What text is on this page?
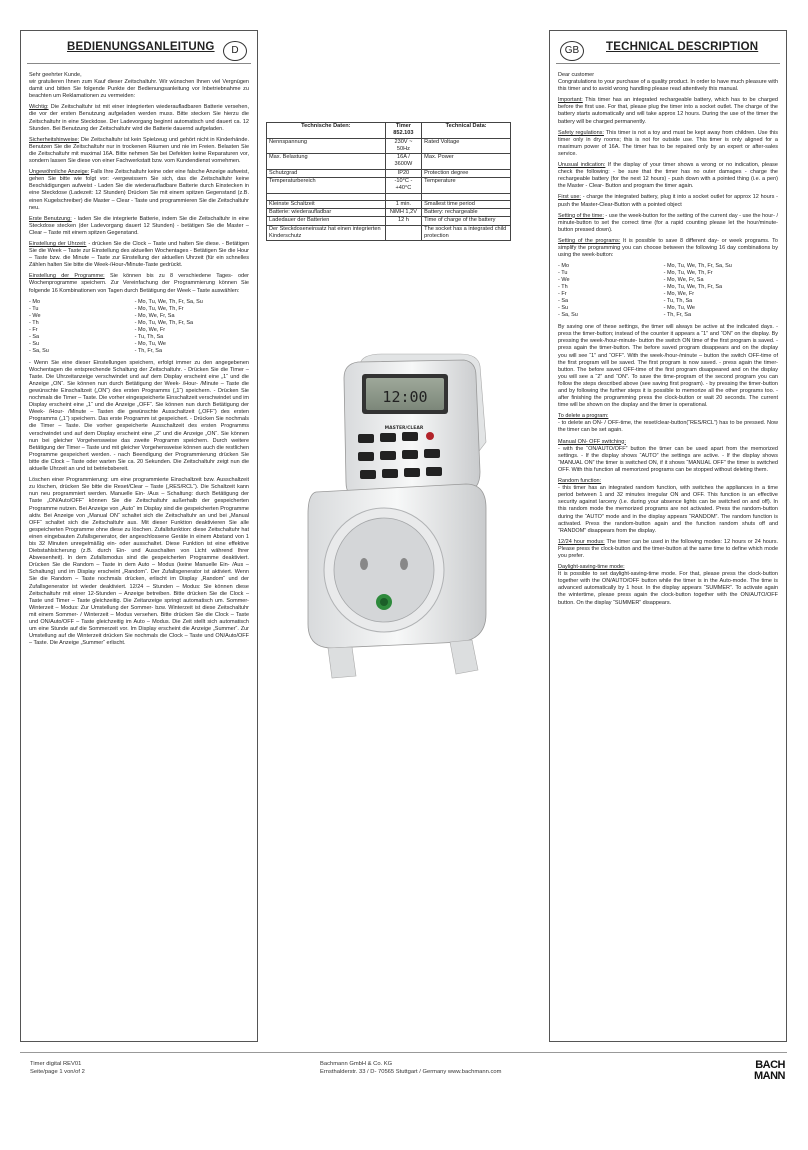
BEDIENUNGSANLEITUNG	D

Sehr geehrter Kunde,
wir gratulieren Ihnen zum Kauf dieser Zeitschaltuhr. Wir wünschen Ihnen viel Vergnügen damit und bitten Sie folgende Punkte der Bedienungsanleitung vor Inbetriebnahme zu beachten um Reklamationen zu vermeiden:

Wichtig: Die Zeitschaltuhr ist mit einer integrierten wiederaufladbaren Batterie versehen, die vor der ersten Benutzung aufgeladen werden muss. Bitte stecken Sie hierzu die Zeitschaltuhr in eine Steckdose. Der Ladevorgang beginnt automatisch und dauert ca. 12 Stunden. Bei Benutzung der Zeitschaltuhr wird die Batterie dauernd aufgeladen.

Sicherheitshinweise: Die Zeitschaltuhr ist kein Spielzeug und gehört nicht in Kinderhände. Benutzen Sie die Zeitschaltuhr nur in trockenen Räumen und nie im Freien. Belasten Sie die Zeitschaltuhr mit maximal 16A. Bitte nehmen Sie bei Defekten keine Reparaturen vor, sondern lassen Sie diese von einer Fachwerkstatt bzw. vom Kundendienst vornehmen.

Ungewöhnliche Anzeige: Falls Ihre Zeitschaltuhr keine oder eine falsche Anzeige aufweist, gehen Sie bitte wie folgt vor: -vergewissern Sie sich, das die Zeitschaltuhr keine Beschädigungen aufweist - Laden Sie die wiederaufladbare Batterie durch Einstecken in eine Steckdose (Ladezeit: 12 Stunden) Drücken Sie mit einem spitzen Gegenstand (z.B. einen Kugelschreiber) die Master – Clear - Taste und programmieren Sie die Zeitschaltuhr neu.

Erste Benutzung: - laden Sie die integrierte Batterie, indem Sie die Zeitschaltuhr in eine Steckdose stecken (der Ladevorgang dauert 12 Stunden) - betätigen Sie die Master – Clear – Taste mit einem spitzen Gegenstand.

Einstellung der Uhrzeit: - drücken Sie die Clock – Taste und halten Sie diese. - Betätigen Sie die Week – Taste zur Einstellung des aktuellen Wochentages - Betätigen Sie die Hour – Taste bzw. die Minute – Taste zur Einstellung der aktuellen Uhrzeit (für ein schnelles Zählen halten Sie bitte die Week-/Hour-/Minute-Taste gedrückt.

Einstellung der Programme: Sie können bis zu 8 verschiedene Tages- oder Wochenprogramme speichern. Zur Vereinfachung der Programmierung können Sie folgende 16 Kombinationen von Tagen durch Betätigung der Week – Taste auswählen:

- Mo	- Mo, Tu, We, Th, Fr, Sa, Su
- Tu	- Mo, Tu, We, Th, Fr
- We	- Mo, We, Fr, Sa
- Th	- Mo, Tu, We, Th, Fr, Sa
- Fr	- Mo, We, Fr
- Sa	- Tu, Th, Sa
- Su	- Mo, Tu, We
- Sa, Su	- Th, Fr, Sa

- Wenn Sie eine dieser Einstellungen speichern, erfolgt immer zu den angegebenen Wochentagen die entsprechende Schaltung der Zeitschaltuhr. - Drücken Sie die Timer – Taste. Die Uhrzeitanzeige verschwindet und auf dem Display erscheint eine „1“ und die Anzeige „ON“. Sie können nun durch Betätigung der Week- /Hour- /Minute – Taste die gewünschte Einschaltzeit („ON“) des ersten Programms („1“) speichern. - Drücken Sie nochmals die Timer – Taste. Die vorher eingespeicherte Einschaltzeit verschwindet und im Display erscheint eine „1“ und die Anzeige „OFF“. Sie können nun durch Betätigung der Week- /Hour- /Minute – Tasten die gewünschte Ausschaltzeit („OFF“) des ersten Programms („1“) speichern. Das erste Programm ist gespeichert. - Drücken Sie nochmals die Timer – Taste. Die vorher gespeicherte Ausschaltzeit des ersten Programms verschwindet und auf dem Display erscheint eine „2“ und die Anzeige „ON“. Sie können nun bei gleicher Vorgehensweise das zweite Programm speichern. Durch weitere Betätigung der Timer – Taste und mit gleicher Vorgehensweise können auch die restlichen Programme gespeichert werden. - nach Beendigung der Programmierung drücken Sie bitte die Clock – Taste oder warten Sie ca. 20 Sekunden. Die Zeitschaltuhr zeigt nun die aktuelle Uhrzeit an und ist betriebsbereit.

Löschen einer Programmierung: um eine programmierte Einschaltzeit bzw. Ausschaltzeit zu löschen, drücken Sie bitte die Reset/Clear – Taste („RES/RCL“). Die Schaltzeit kann nun neu programmiert werden. Manuelle Ein- /Aus – Schaltung: durch Betätigung der Taste „ON/Auto/OFF“ können Sie die Zeitschaltuhr außerhalb der gespeicherten Programme nutzen. Bei Anzeige von „Auto“ im Display sind die gespeicherten Programme aktiv. Bei Anzeige von „Manual ON“ schaltet sich die Zeitschaltuhr an und bei „Manual OFF“ schaltet sich die Zeitschaltuhr aus. Mit dieser Funktion deaktivieren Sie alle gespeicherten Programme ohne diese zu löschen. Zufallsfunktion: diese Zeitschaltuhr hat einen eingebauten Zufallsgenerator, der angeschlossene Geräte in einem Abstand von 1 bis 32 Minuten unregelmäßig ein- oder ausschaltet. Diese Funktion ist eine effektive Diebstahlsicherung (z.B. durch Ein- und Ausschalten von Licht während Ihrer Abwesenheit). In dem Zufallsmodus sind die gespeicherten Programme deaktiviert. Drücken Sie die Random – Taste in dem Auto – Modus (keine Manuelle Ein- /Aus – Schaltung) und im Display erscheint „Random“. Der Zufallsgenerator ist aktiviert. Wenn Sie die Random – Taste nochmals drücken, erlischt im Display „Random“ und der Zufallsgenerator ist wieder deaktiviert. 12/24 – Stunden – Modus: Sie können diese Zeitschaltuhr mit einer 12-Stunden – Anzeige betreiben. Bitte drücken Sie die Clock – Taste und Timer – Taste gleichzeitig. Die Zeitanzeige springt automatisch um. Sommer-Winterzeit – Modus: Zur Umstellung der Sommer- bzw. Winterzeit ist diese Zeitschaltuhr mit einem Sommer- / Winterzeit – Modus versehen. Bitte drücken Sie die Clock – Taste und ON/Auto/OFF – Taste gleichzeitig im Auto – Modus. Die Zeit stellt sich automatisch um eine Stunde auf die Sommerzeit vor. Im Display erscheint die Anzeige „Summer“. Zur Umstellung auf die Winterzeit drücken Sie nochmals die Clock – Taste und ON/Auto/OFF – Taste. Die Anzeige „Summer“ erlischt.

Technische Daten:	Timer 852.103	Technical Data:
Nennspannung	230V ~ 50Hz	Rated Voltage
Max. Belastung	16A / 3600W	Max. Power
Schutzgrad	IP20	Protection degree
Temperaturbereich	-10°C - +40°C	Temperature

Kleinste Schaltzeit	1 min.	Smallest time period
Batterie: wiederaufladbar	NiMH 1,2V	Battery: rechargeable
Ladedauer der Batterien	12 h	Time of charge of the battery
Der Steckdoseneinsatz hat einen integrierten Kinderschutz		The socket has a integrated child protection
12:00
MASTER/CLEAR
GB	TECHNICAL DESCRIPTION

Dear customer
Congratulations to your purchase of a quality product. In order to have much pleasure with this timer and to avoid wrong handling please read attentively this manual.

Important: This timer has an integrated rechargeable battery, which has to be charged before the first use. For that, please plug the timer into a socket outlet. The charge of the battery starts automatically and will take approx 12 hours. During the use of the timer the battery will be charged permanently.

Safety regulations: This timer is not a toy and must be kept away from children. Use this timer only in dry rooms; this is not for outside use. This timer is only aligned for a maximum power of 16A. The timer has to be repaired only by an expert or after-sales service.

Unusual indication: If the display of your timer shows a wrong or no indication, please check the following: - be sure that the timer has no outer damages - charge the rechargeable battery (for the next 12 hours) - push down with a pointed thing (i.e. a pen) the Master - Clear- Button and program the timer again.

First use: - charge the integrated battery, plug it into a socket outlet for approx 12 hours - push the Master-Clear-Button with a pointed object

Setting of the time: - use the week-button for the setting of the current day - use the hour- / minute-button to set the correct time (for a rapid counting please let the hour/minute- button pressed down).

Setting of the programs: It is possible to save 8 different day- or week programs. To simplify the programming you can choose between the following 16 day combinations by using the week-button:

- Mo	- Mo, Tu, We, Th, Fr, Sa, Su
- Tu	- Mo, Tu, We, Th, Fr
- We	- Mo, We, Fr, Sa
- Th	- Mo, Tu, We, Th, Fr, Sa
- Fr	- Mo, We, Fr
- Sa	- Tu, Th, Sa
- Su	- Mo, Tu, We
- Sa, Su	- Th, Fr, Sa

By saving one of these settings, the timer will always be active at the indicated days. - press the timer-button; instead of the counter it appears a “1” and “ON” on the display. By pressing the week-/hour-minute- button the switch ON time of the first program is saved. - press again the timer-button. The before saved program disappears and on the display you will see “1” and “OFF”. With the week-/hour-/minute – button the switch OFF-time of the first program will be saved. The first program is now saved. - press again the timer-button. The before saved OFF-time of the first program disappeared and on the display you will see a “2” and “ON”. To save the time-program of the second program you can follow the steps described above (see saving first program). - by pressing the timer-button and by following the further steps it is possible to memorize all the other programs too. - after finishing the programming press the clock-button or wait 20 seconds. The current time will be shown on the display and the timer is operational.

To delete a program:
- to delete an ON- / OFF-time, the reset/clear-button(“RES/RCL”) has to be pressed. Now the timer can be set again.

Manual ON- OFF switching:
- with the “ON/AUTO/OFF” button the timer can be used apart from the memorized settings. - If the display shows “AUTO” the settings are active. - If the display shows “MANUAL ON” the timer is switched ON, if it shows “MANUAL OFF” the timer is switched OFF. With this function all memorized programs can be stopped without deleting them.

Random function:
- this timer has an integrated random function, with switches the appliances in a time period between 1 and 32 minutes irregular ON and OFF. This function is an effective security against larceny (i.e. during your absence lights can be switched on and off). In this random mode the memorized programs are not activated. Press the random-button during the “AUTO” mode and in the display appears “RANDOM”. The random function is activated. Press the random-button again and the function random shuts off and “RANDOM” disappears from the display.

12/24 hour modus: The timer can be used in the following modes: 12 hours or 24 hours. Please press the clock-button and the timer-button at the same time to define which mode you prefer.

Daylight-saving-time mode:
It is possible to set daylight-saving-time mode. For that, please press the clock-button together with the ON/AUTO/OFF button while the timer is in the Auto-mode. The time is advanced automatically by 1 hour. In the display appears “SUMMER”. To activate again the wintertime, please press again the clock-button together with the ON/AUTO/OFF button. On the display “SUMMER” disappears.

Timer digital REV01
Seite/page 1 von/of 2
Bachmann GmbH & Co. KG
Ernsthalderstr. 33 / D- 70565 Stuttgart / Germany www.bachmann.com
BACH
MANN
